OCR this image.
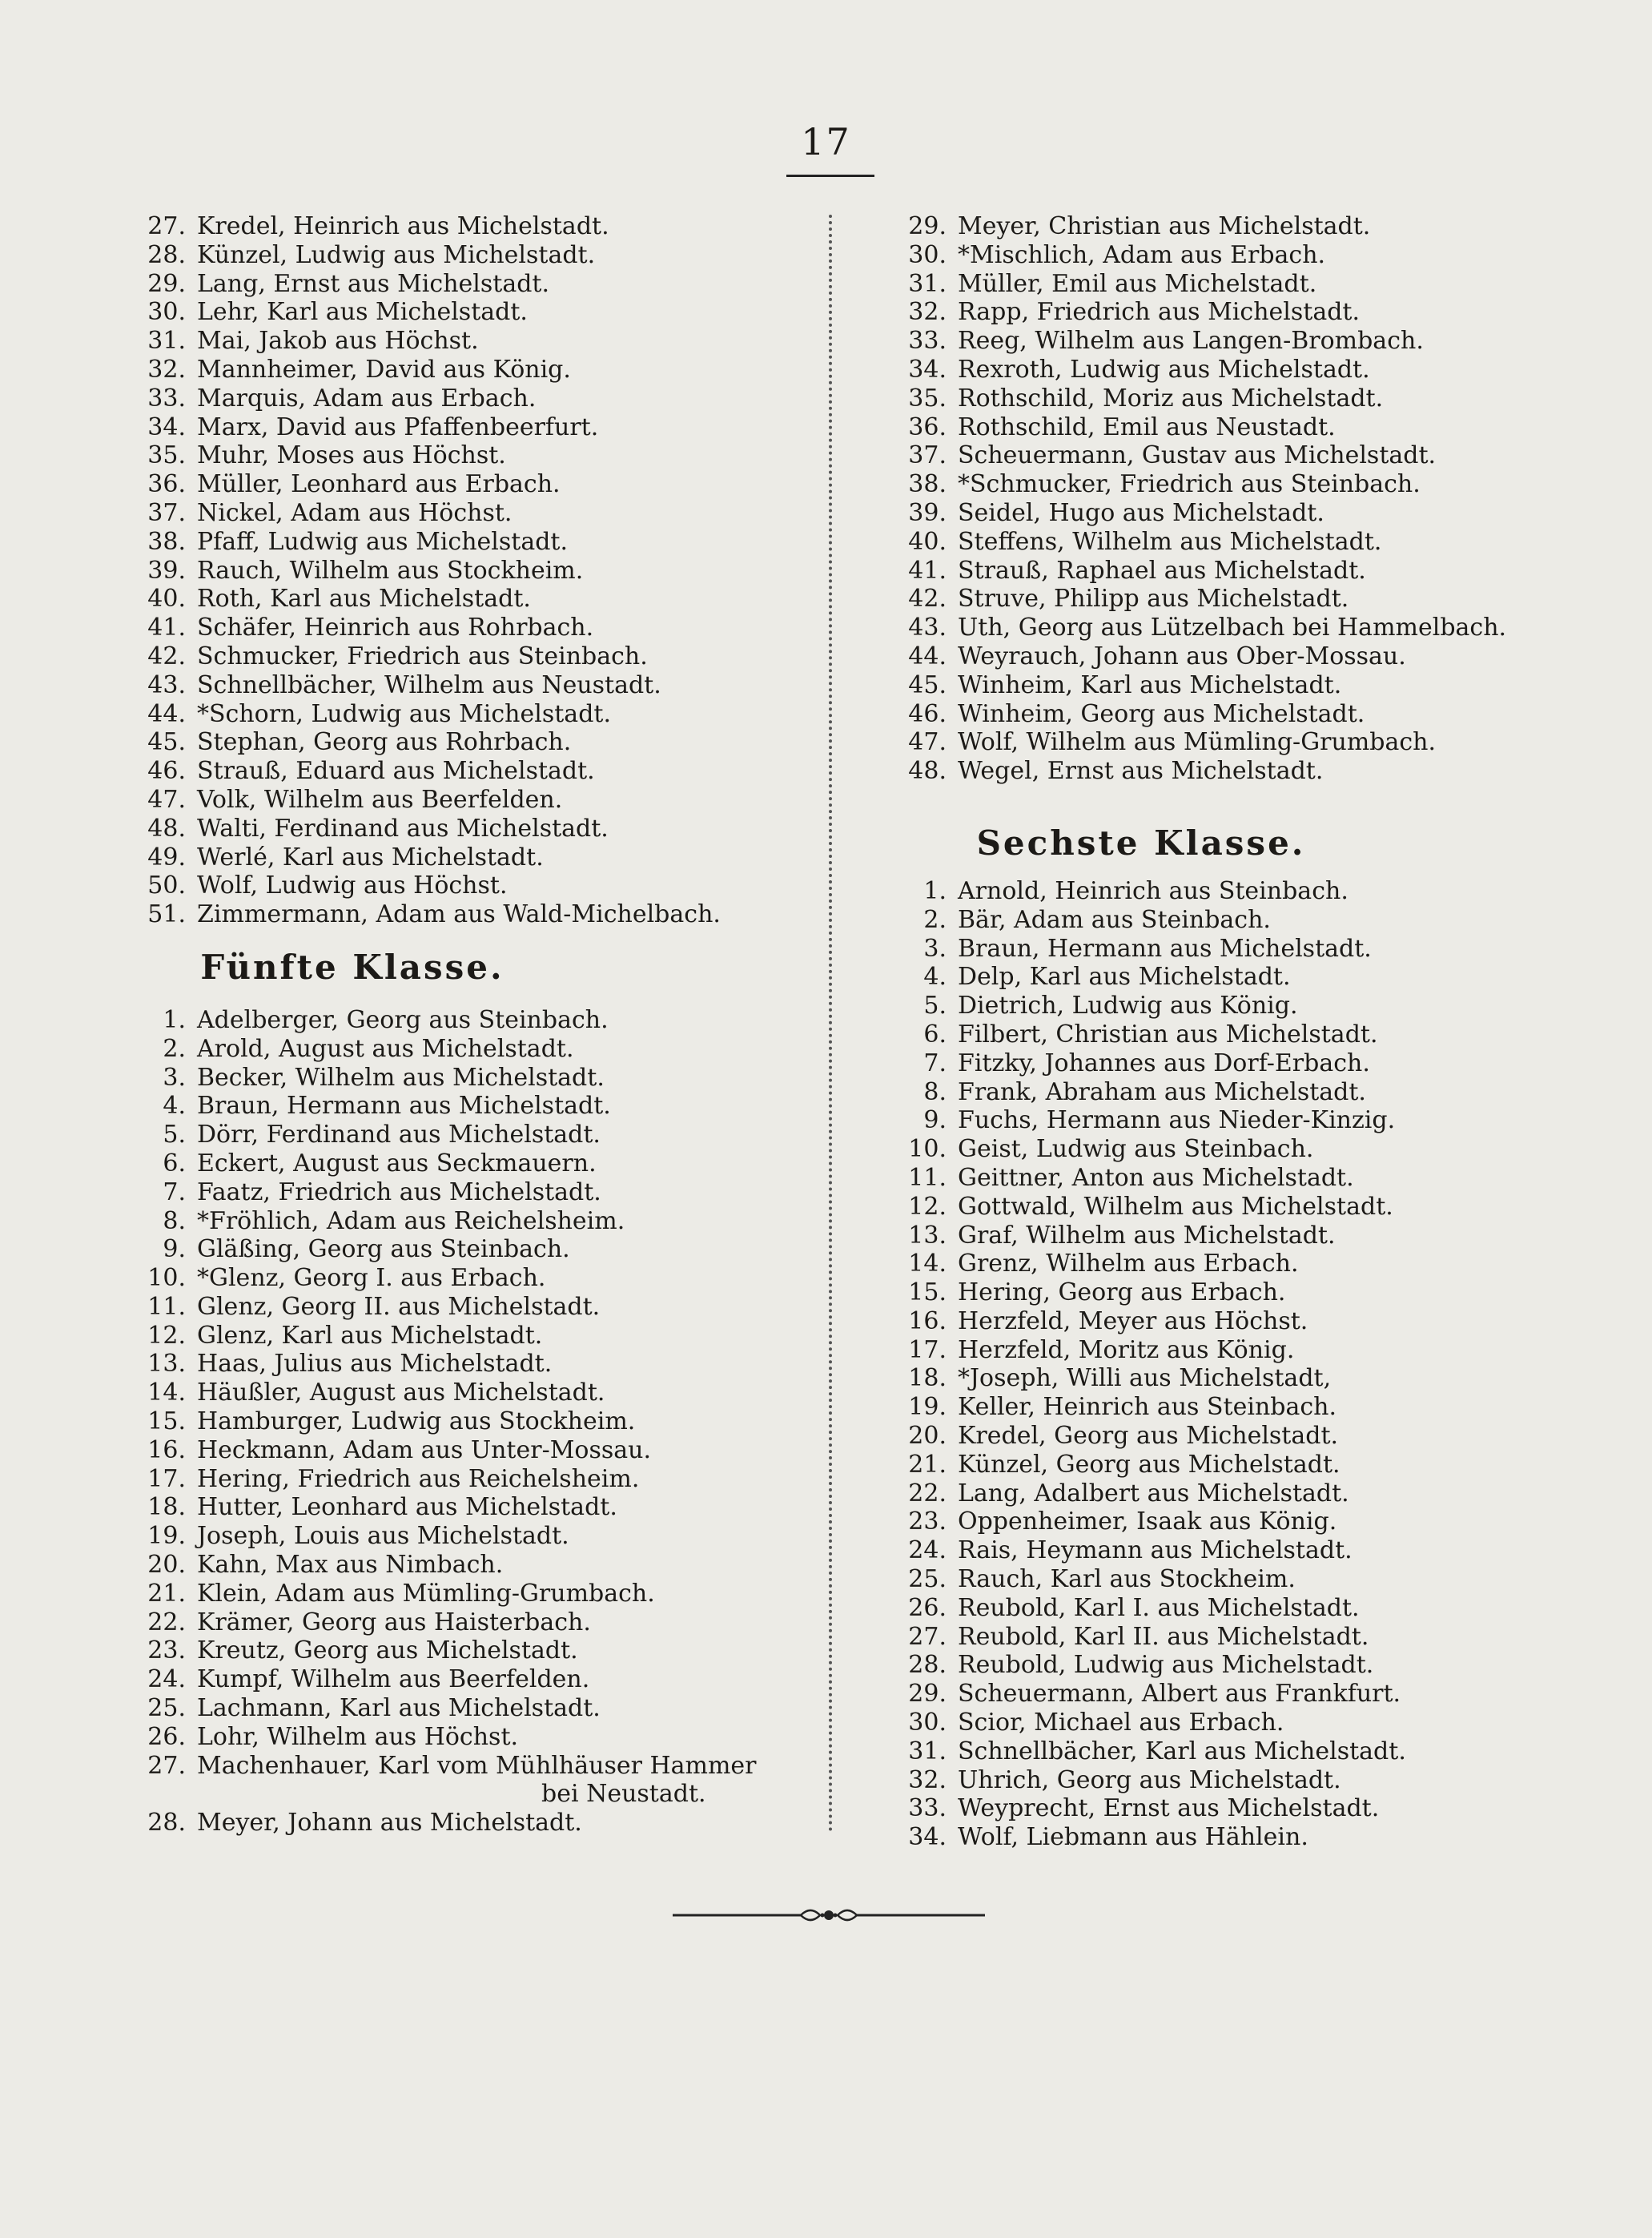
17
27. Kredel, Heinrich aus Michelstadt.
28. Künzel, Ludwig aus Michelstadt.
29. Lang, Ernst aus Michelstadt.
30. Lehr, Karl aus Michelstadt.
31. Mai, Jakob aus Höchst.
32. Mannheimer, David aus König.
33. Marquis, Adam aus Erbach.
34. Marx, David aus Pfaffenbeerfurt.
35. Muhr, Moses aus Höchst.
36. Müller, Leonhard aus Erbach.
37. Nickel, Adam aus Höchst.
38. Pfaff, Ludwig aus Michelstadt.
39. Rauch, Wilhelm aus Stockheim.
40. Roth, Karl aus Michelstadt.
41. Schäfer, Heinrich aus Rohrbach.
42. Schmucker, Friedrich aus Steinbach.
43. Schnellbächer, Wilhelm aus Neustadt.
44. *Schorn, Ludwig aus Michelstadt.
45. Stephan, Georg aus Rohrbach.
46. Strauß, Eduard aus Michelstadt.
47. Volk, Wilhelm aus Beerfelden.
48. Walti, Ferdinand aus Michelstadt.
49. Werlé, Karl aus Michelstadt.
50. Wolf, Ludwig aus Höchst.
51. Zimmermann, Adam aus Wald-Michelbach.
Fünfte Klasse.
1. Adelberger, Georg aus Steinbach.
2. Arold, August aus Michelstadt.
3. Becker, Wilhelm aus Michelstadt.
4. Braun, Hermann aus Michelstadt.
5. Dörr, Ferdinand aus Michelstadt.
6. Eckert, August aus Seckmauern.
7. Faatz, Friedrich aus Michelstadt.
8. *Fröhlich, Adam aus Reichelsheim.
9. Gläßing, Georg aus Steinbach.
10. *Glenz, Georg I. aus Erbach.
11. Glenz, Georg II. aus Michelstadt.
12. Glenz, Karl aus Michelstadt.
13. Haas, Julius aus Michelstadt.
14. Häußler, August aus Michelstadt.
15. Hamburger, Ludwig aus Stockheim.
16. Heckmann, Adam aus Unter-Mossau.
17. Hering, Friedrich aus Reichelsheim.
18. Hutter, Leonhard aus Michelstadt.
19. Joseph, Louis aus Michelstadt.
20. Kahn, Max aus Nimbach.
21. Klein, Adam aus Mümling-Grumbach.
22. Krämer, Georg aus Haisterbach.
23. Kreutz, Georg aus Michelstadt.
24. Kumpf, Wilhelm aus Beerfelden.
25. Lachmann, Karl aus Michelstadt.
26. Lohr, Wilhelm aus Höchst.
27. Machenhauer, Karl vom Mühlhäuser Hammer
bei Neustadt.
28. Meyer, Johann aus Michelstadt.
29. Meyer, Christian aus Michelstadt.
30. *Mischlich, Adam aus Erbach.
31. Müller, Emil aus Michelstadt.
32. Rapp, Friedrich aus Michelstadt.
33. Reeg, Wilhelm aus Langen-Brombach.
34. Rexroth, Ludwig aus Michelstadt.
35. Rothschild, Moriz aus Michelstadt.
36. Rothschild, Emil aus Neustadt.
37. Scheuermann, Gustav aus Michelstadt.
38. *Schmucker, Friedrich aus Steinbach.
39. Seidel, Hugo aus Michelstadt.
40. Steffens, Wilhelm aus Michelstadt.
41. Strauß, Raphael aus Michelstadt.
42. Struve, Philipp aus Michelstadt.
43. Uth, Georg aus Lützelbach bei Hammelbach.
44. Weyrauch, Johann aus Ober-Mossau.
45. Winheim, Karl aus Michelstadt.
46. Winheim, Georg aus Michelstadt.
47. Wolf, Wilhelm aus Mümling-Grumbach.
48. Wegel, Ernst aus Michelstadt.
Sechste Klasse.
1. Arnold, Heinrich aus Steinbach.
2. Bär, Adam aus Steinbach.
3. Braun, Hermann aus Michelstadt.
4. Delp, Karl aus Michelstadt.
5. Dietrich, Ludwig aus König.
6. Filbert, Christian aus Michelstadt.
7. Fitzky, Johannes aus Dorf-Erbach.
8. Frank, Abraham aus Michelstadt.
9. Fuchs, Hermann aus Nieder-Kinzig.
10. Geist, Ludwig aus Steinbach.
11. Geittner, Anton aus Michelstadt.
12. Gottwald, Wilhelm aus Michelstadt.
13. Graf, Wilhelm aus Michelstadt.
14. Grenz, Wilhelm aus Erbach.
15. Hering, Georg aus Erbach.
16. Herzfeld, Meyer aus Höchst.
17. Herzfeld, Moritz aus König.
18. *Joseph, Willi aus Michelstadt,
19. Keller, Heinrich aus Steinbach.
20. Kredel, Georg aus Michelstadt.
21. Künzel, Georg aus Michelstadt.
22. Lang, Adalbert aus Michelstadt.
23. Oppenheimer, Isaak aus König.
24. Rais, Heymann aus Michelstadt.
25. Rauch, Karl aus Stockheim.
26. Reubold, Karl I. aus Michelstadt.
27. Reubold, Karl II. aus Michelstadt.
28. Reubold, Ludwig aus Michelstadt.
29. Scheuermann, Albert aus Frankfurt.
30. Scior, Michael aus Erbach.
31. Schnellbächer, Karl aus Michelstadt.
32. Uhrich, Georg aus Michelstadt.
33. Weyprecht, Ernst aus Michelstadt.
34. Wolf, Liebmann aus Hählein.
